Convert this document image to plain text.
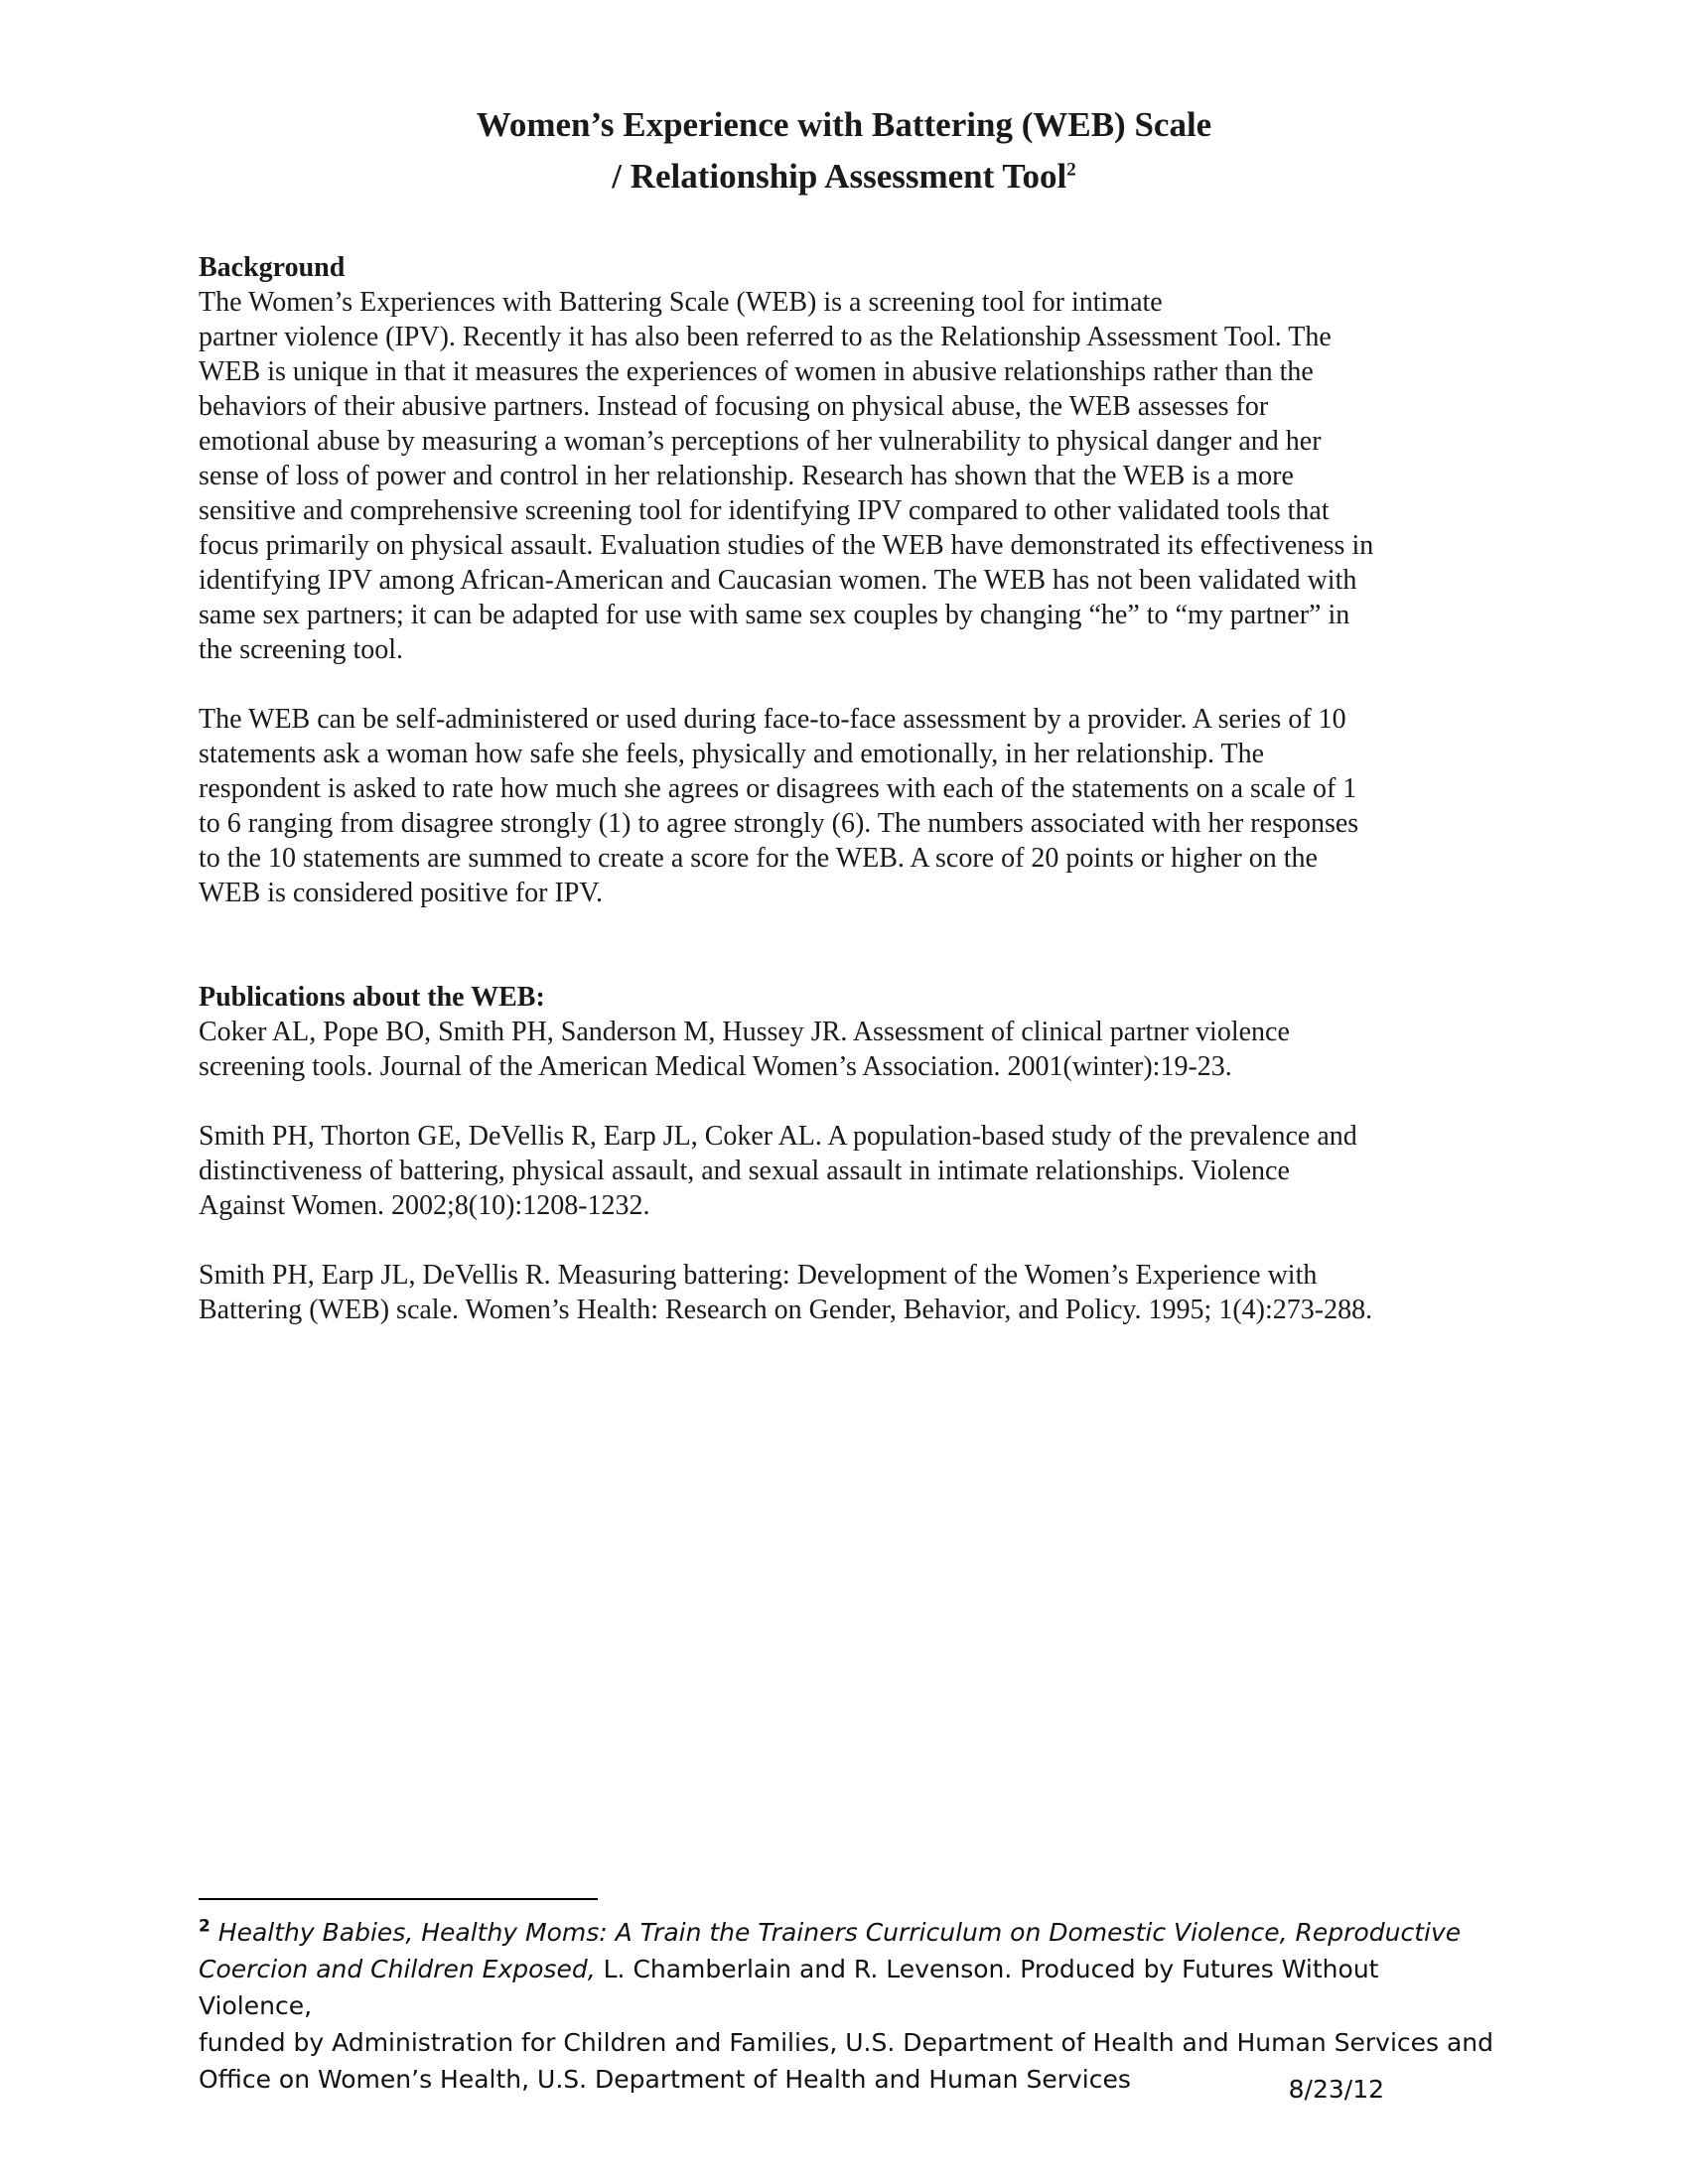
Women’s Experience with Battering (WEB) Scale
/ Relationship Assessment Tool$^2$
Background
The Women’s Experiences with Battering Scale (WEB) is a screening tool for intimate
partner violence (IPV). Recently it has also been referred to as the Relationship Assessment Tool. The
WEB is unique in that it measures the experiences of women in abusive relationships rather than the
behaviors of their abusive partners. Instead of focusing on physical abuse, the WEB assesses for
emotional abuse by measuring a woman’s perceptions of her vulnerability to physical danger and her
sense of loss of power and control in her relationship. Research has shown that the WEB is a more
sensitive and comprehensive screening tool for identifying IPV compared to other validated tools that
focus primarily on physical assault. Evaluation studies of the WEB have demonstrated its effectiveness in
identifying IPV among African-American and Caucasian women. The WEB has not been validated with
same sex partners; it can be adapted for use with same sex couples by changing “he” to “my partner” in
the screening tool.
The WEB can be self-administered or used during face-to-face assessment by a provider. A series of 10
statements ask a woman how safe she feels, physically and emotionally, in her relationship. The
respondent is asked to rate how much she agrees or disagrees with each of the statements on a scale of 1
to 6 ranging from disagree strongly (1) to agree strongly (6). The numbers associated with her responses
to the 10 statements are summed to create a score for the WEB. A score of 20 points or higher on the
WEB is considered positive for IPV.
Publications about the WEB:
Coker AL, Pope BO, Smith PH, Sanderson M, Hussey JR. Assessment of clinical partner violence
screening tools. Journal of the American Medical Women’s Association. 2001(winter):19-23.
Smith PH, Thorton GE, DeVellis R, Earp JL, Coker AL. A population-based study of the prevalence and
distinctiveness of battering, physical assault, and sexual assault in intimate relationships. Violence
Against Women. 2002;8(10):1208-1232.
Smith PH, Earp JL, DeVellis R. Measuring battering: Development of the Women’s Experience with
Battering (WEB) scale. Women’s Health: Research on Gender, Behavior, and Policy. 1995; 1(4):273-288.
$^2$ Healthy Babies, Healthy Moms: A Train the Trainers Curriculum on Domestic Violence, Reproductive
Coercion and Children Exposed, L. Chamberlain and R. Levenson. Produced by Futures Without Violence,
funded by Administration for Children and Families, U.S. Department of Health and Human Services and
Office on Women’s Health, U.S. Department of Health and Human Services	8/23/12
